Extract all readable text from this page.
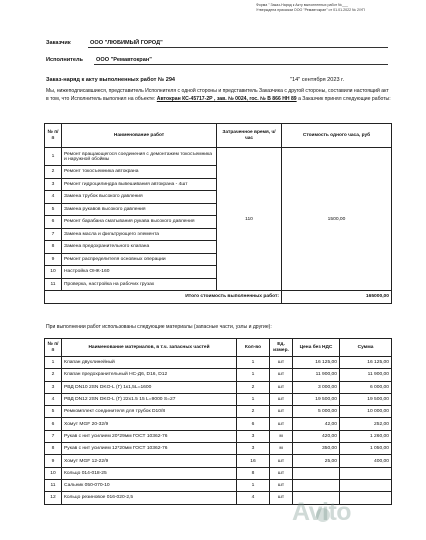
Форма " Заказ-Наряд к Акту выполненных работ №___
Утверждена приказом ООО "Ремавтокран" от 01.01.2022 № 2/УП
Заказчик	ООО "ЛЮБИМЫЙ ГОРОД"
Исполнитель ООО "Ремавтокран"
Заказ-наряд к акту выполненных работ № 294	"14" сентября 2023 г.
Мы, нижеподписавшиеся, представитель Исполнителя с одной стороны и представитель Заказчика с другой стороны, составили настоящий акт в том, что Исполнитель выполнил на объекте: Автокран КС-45717-2Р , зав. № 0024, гос. № В 866 НН 89 а Заказчик принял следующие работы:
№ п/п	Наименование работ	Затраченное время, ч/час	Стоимость одного часа, руб
1	Ремонт вращающегося соединения с демонтажем токосъемника и наружной обоймы	110	1500,00
2	Ремонт токосъемника автокрана		
3	Ремонт гидроцилиндра вывешивания автокрана - 4шт		
4	Замена трубок высокого давления		
5	Замена рукавов высокого давления		
6	Ремонт барабана сматывания рукава высокого давления		
7	Замена масла и фильтрующего элемента		
8	Замена предохранительного клапана		
9	Ремонт распределителя основных операции		
10	Настройка ОНК-160		
11	Проверка, настройка на рабочих грузах		
Итого стоимость выполненных работ:			165000,00
При выполнении работ использованы следующие материалы (запасные части, узлы и другие):
№ п/п	Наименование материалов, в т.ч. запасных частей	Кол-во	Ед. измер.	Цена без НДС	Сумма
1	Клапан двухлинейный	1	шт	16 125,00	16 125,00
2	Клапан предохранительный НС-Д6, D16, D12	1	шт	11 900,00	11 900,00
3	РВД DN10 2SN DKO-L (Г) 1к1,5L=1600	2	шт	3 000,00	6 000,00
4	РВД DN12 2SN DKO-L (Г) 22х1.5 15 L=9000 S=27	1	шт	19 500,00	19 500,00
5	Ремкомплект соединителя для трубок D10/8	2	шт	5 000,00	10 000,00
6	Хомут MGF 20-32/9	6	шт	42,00	252,00
7	Рукав с нит усилием 20*29мм ГОСТ 10362-76	3	м	420,00	1 260,00
8	Рукав с нит усилием 12*20мм ГОСТ 10362-76	3	м	350,00	1 050,00
9	Хомут MGF 12-22/9	16	шт	25,00	400,00
10	Кольцо 014-018-25	8	шт		
11	Сальник 050-070-10	1	шт		
12	Кольцо резиновое 016-020-2,5	4	шт		
Avito
